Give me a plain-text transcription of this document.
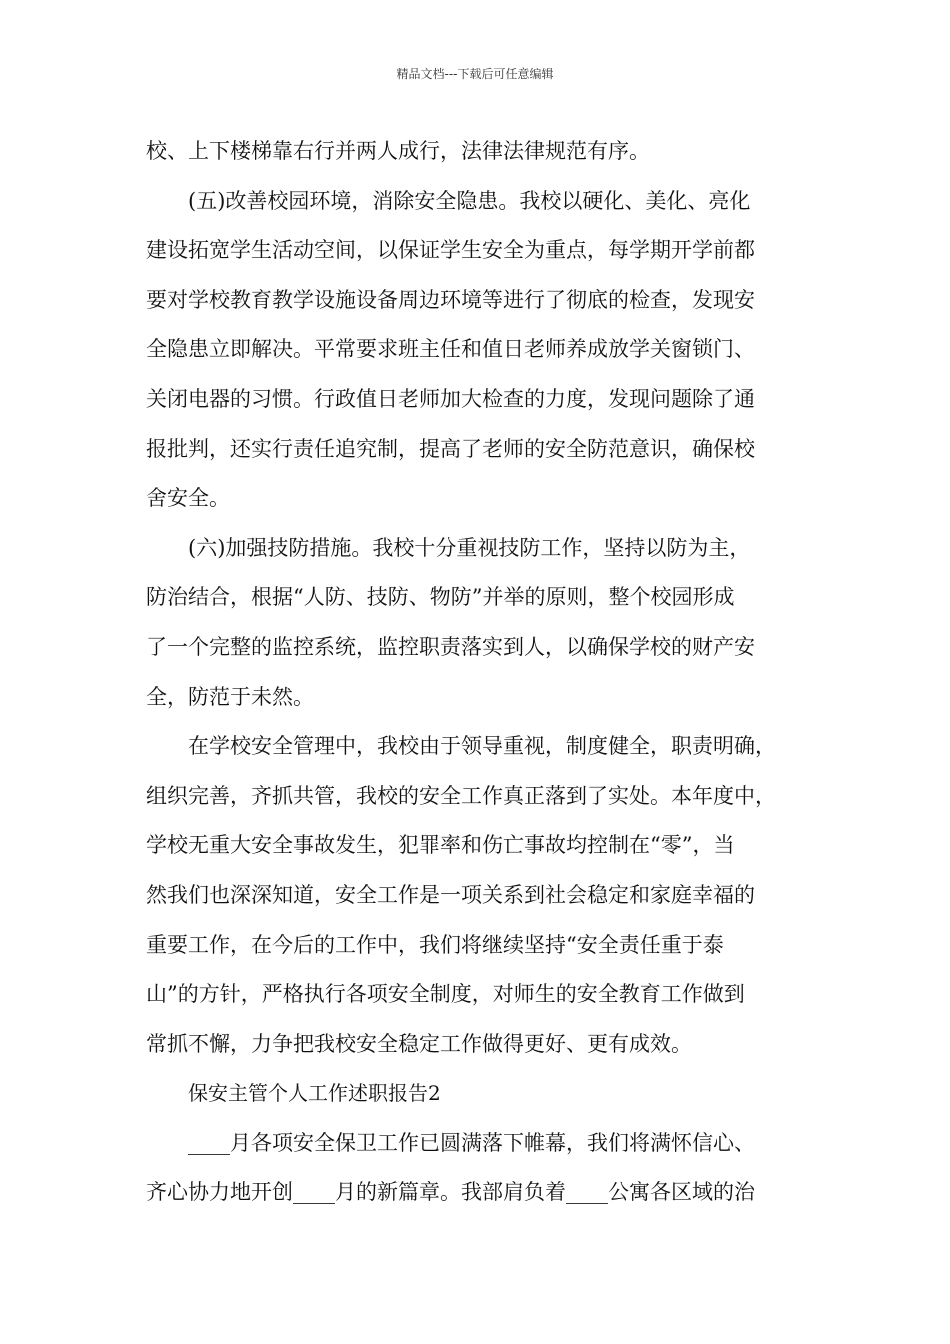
精品文档---下载后可任意编辑
校、上下楼梯靠右行并两人成行，法律法律规范有序。
(五)改善校园环境，消除安全隐患。我校以硬化、美化、亮化
建设拓宽学生活动空间，以保证学生安全为重点，每学期开学前都
要对学校教育教学设施设备周边环境等进行了彻底的检查，发现安
全隐患立即解决。平常要求班主任和值日老师养成放学关窗锁门、
关闭电器的习惯。行政值日老师加大检查的力度，发现问题除了通
报批判，还实行责任追究制，提高了老师的安全防范意识，确保校
舍安全。
(六)加强技防措施。我校十分重视技防工作，坚持以防为主，
防治结合，根据“人防、技防、物防”并举的原则，整个校园形成
了一个完整的监控系统，监控职责落实到人，以确保学校的财产安
全，防范于未然。
在学校安全管理中，我校由于领导重视，制度健全，职责明确，
组织完善，齐抓共管，我校的安全工作真正落到了实处。本年度中，
学校无重大安全事故发生，犯罪率和伤亡事故均控制在“零”，当
然我们也深深知道，安全工作是一项关系到社会稳定和家庭幸福的
重要工作，在今后的工作中，我们将继续坚持“安全责任重于泰
山”的方针，严格执行各项安全制度，对师生的安全教育工作做到
常抓不懈，力争把我校安全稳定工作做得更好、更有成效。
保安主管个人工作述职报告2
____月各项安全保卫工作已圆满落下帷幕，我们将满怀信心、
齐心协力地开创____月的新篇章。我部肩负着____公寓各区域的治
